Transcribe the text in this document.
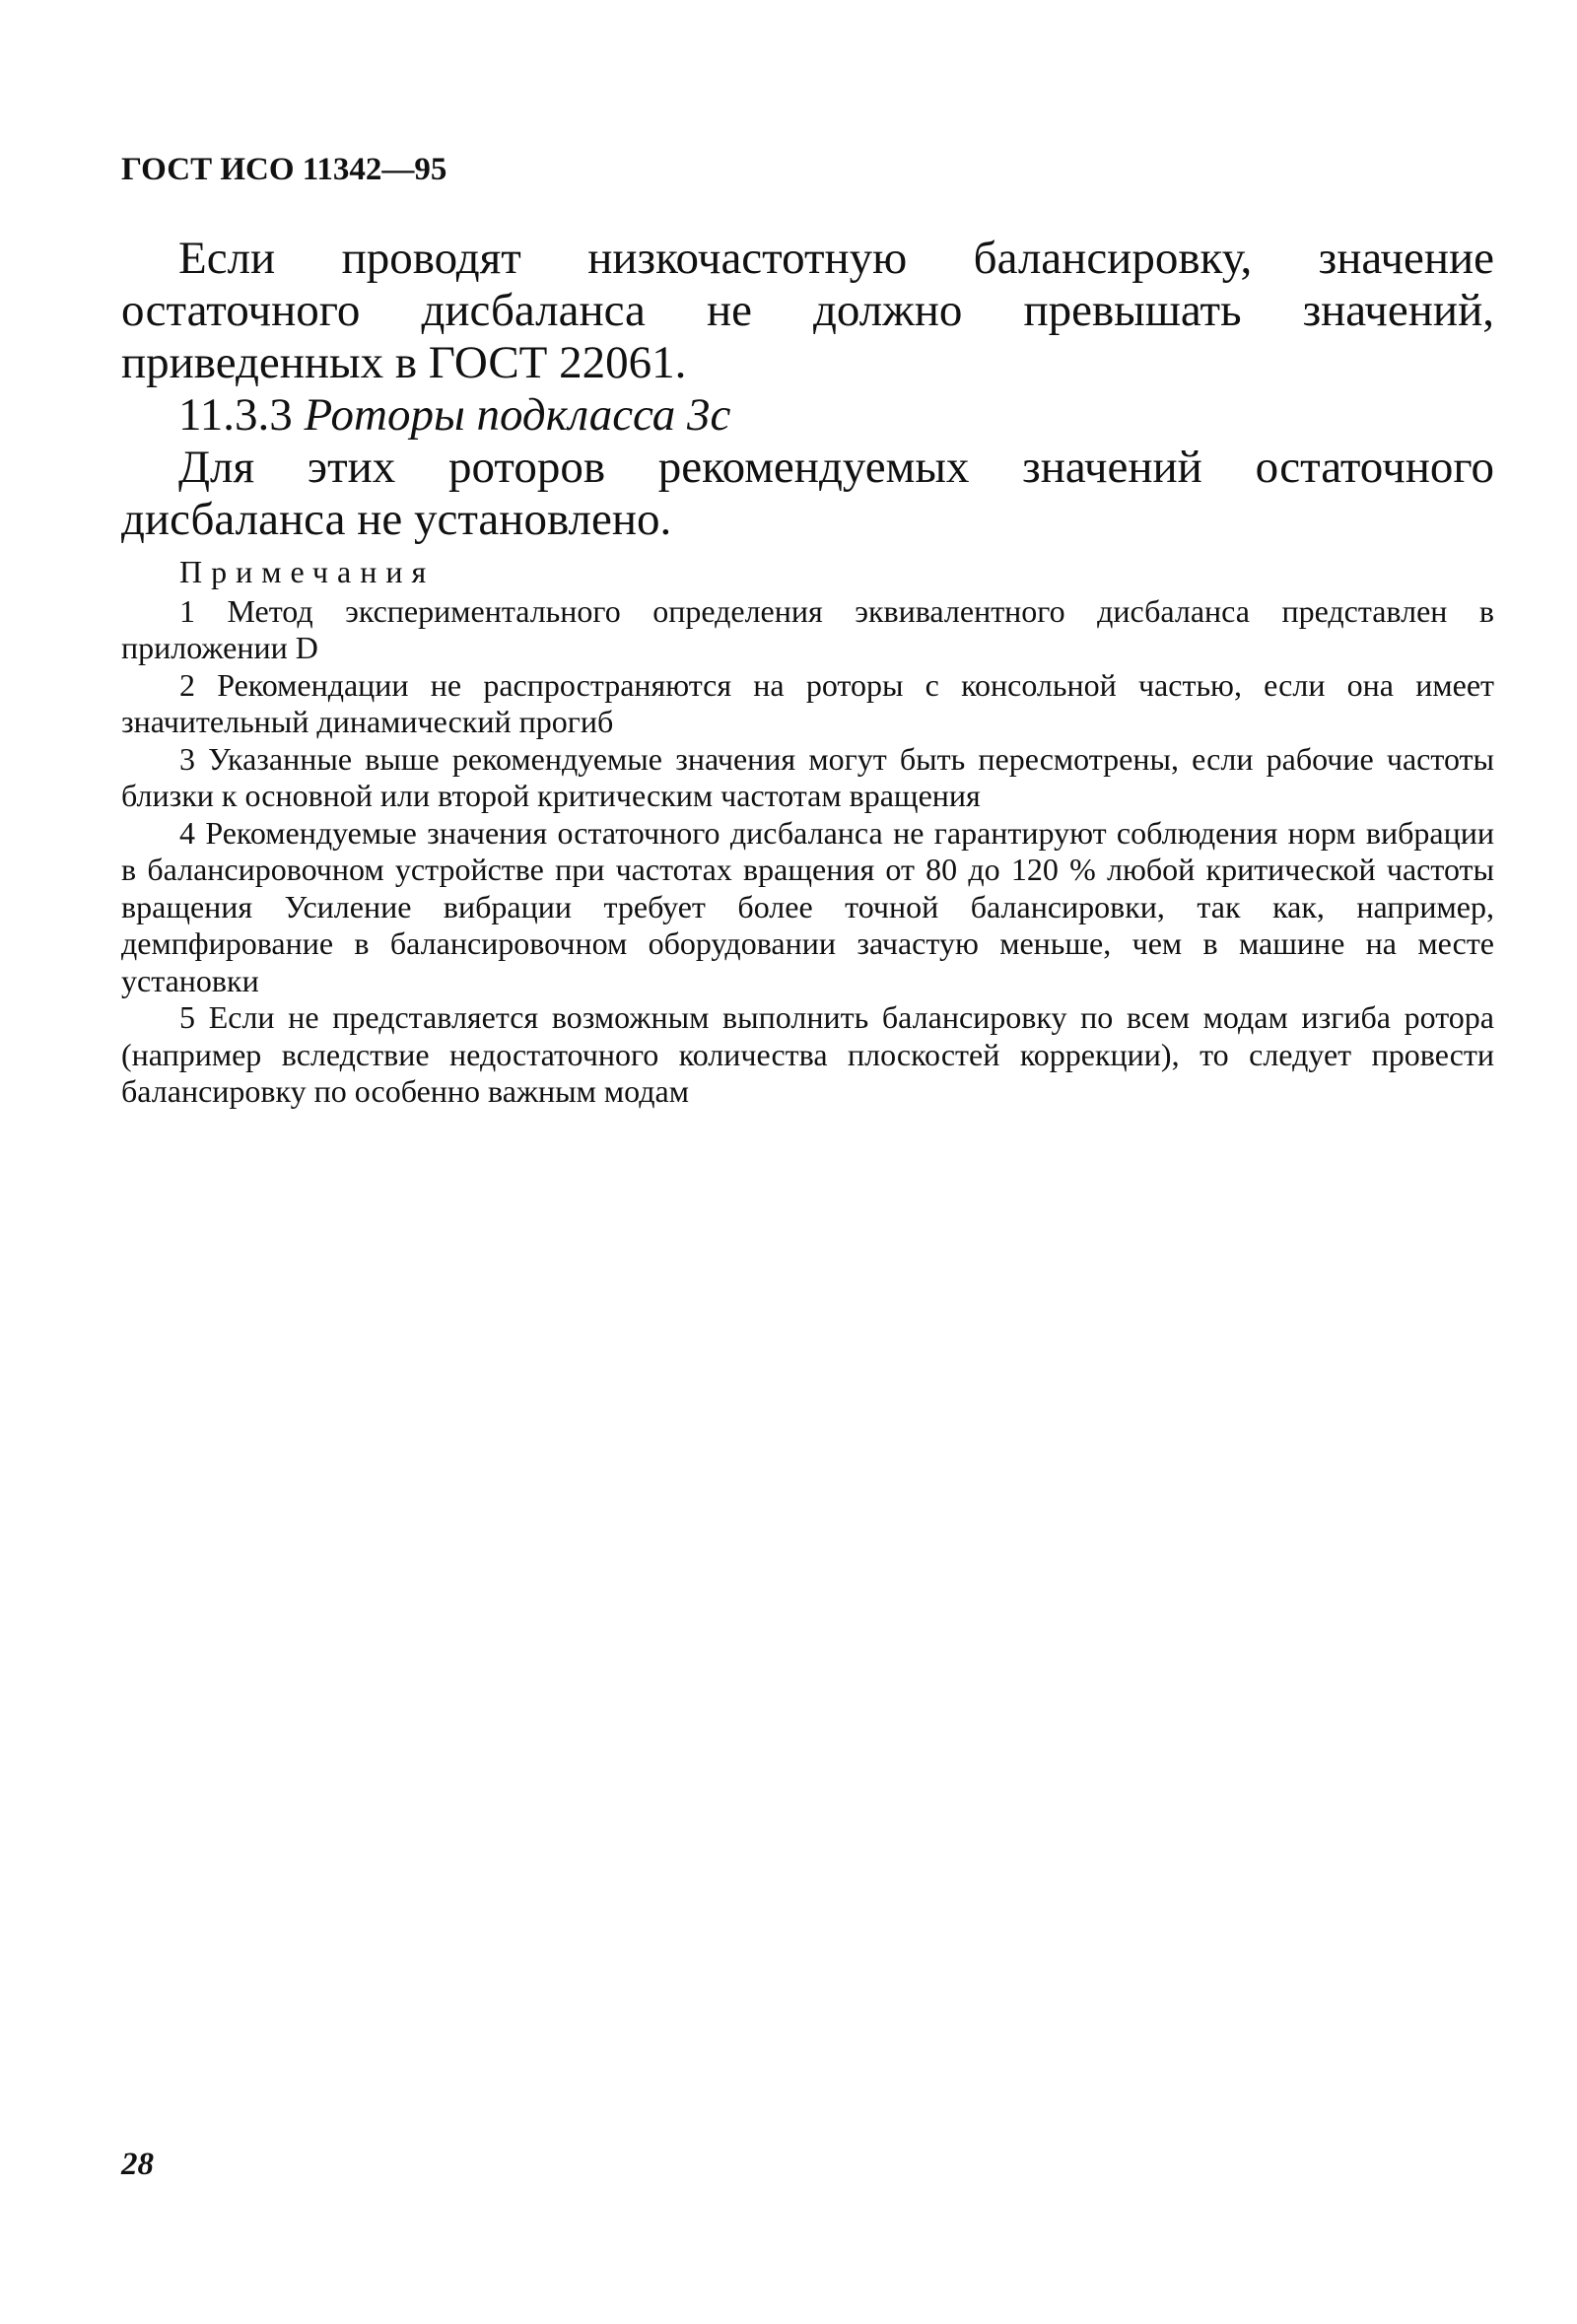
ГОСТ ИСО 11342—95

Если проводят низкочастотную балансировку, значение остаточного дисбаланса не должно превышать значений, приведенных в ГОСТ 22061.

11.3.3 Роторы подкласса 3с

Для этих роторов рекомендуемых значений остаточного дисбаланса не установлено.

Примечания

1 Метод экспериментального определения эквивалентного дисбаланса представлен в приложении D

2 Рекомендации не распространяются на роторы с консольной частью, если она имеет значительный динамический прогиб

3 Указанные выше рекомендуемые значения могут быть пересмотрены, если рабочие частоты близки к основной или второй критическим частотам вращения

4 Рекомендуемые значения остаточного дисбаланса не гарантируют соблюдения норм вибрации в балансировочном устройстве при частотах вращения от 80 до 120 % любой критической частоты вращения Усиление вибрации требует более точной балансировки, так как, например, демпфирование в балансировочном оборудовании зачастую меньше, чем в машине на месте установки

5 Если не представляется возможным выполнить балансировку по всем модам изгиба ротора (например вследствие недостаточного количества плоскостей коррекции), то следует провести балансировку по особенно важным модам

28
